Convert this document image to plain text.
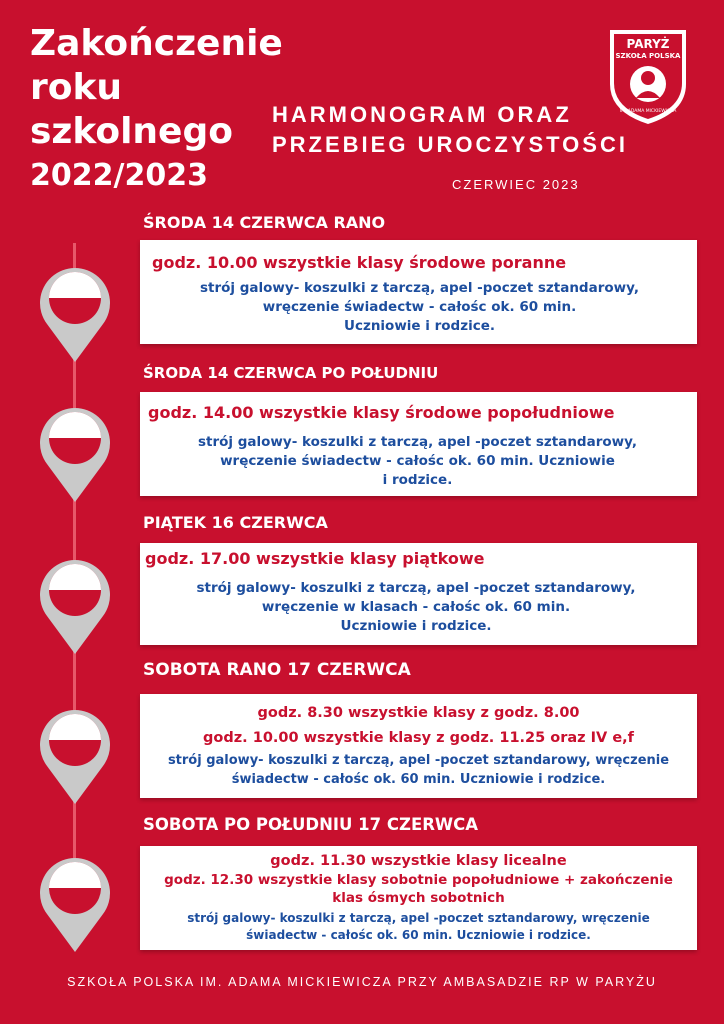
Zakończenie
roku
szkolnego
2022/2023
HARMONOGRAM ORAZ
PRZEBIEG UROCZYSTOŚCI
CZERWIEC 2023
PARYŻ
SZKOŁA POLSKA
IM. ADAMA MICKIEWICZA
ŚRODA 14 CZERWCA RANO

godz. 10.00 wszystkie klasy środowe poranne

strój galowy- koszulki z tarczą, apel -poczet sztandarowy,

wręczenie świadectw - całośc ok. 60 min.

Uczniowie i rodzice.

ŚRODA 14 CZERWCA PO POŁUDNIU

godz. 14.00 wszystkie klasy środowe popołudniowe

strój galowy- koszulki z tarczą, apel -poczet sztandarowy,

wręczenie świadectw - całośc ok. 60 min. Uczniowie

i rodzice.

PIĄTEK 16 CZERWCA

godz. 17.00 wszystkie klasy piątkowe

strój galowy- koszulki z tarczą, apel -poczet sztandarowy,

wręczenie w klasach - całośc ok. 60 min.

Uczniowie i rodzice.

SOBOTA RANO 17 CZERWCA

godz. 8.30 wszystkie klasy z godz. 8.00

godz. 10.00 wszystkie klasy z godz. 11.25 oraz IV e,f

strój galowy- koszulki z tarczą, apel -poczet sztandarowy, wręczenie

świadectw - całośc ok. 60 min. Uczniowie i rodzice.

SOBOTA PO POŁUDNIU 17 CZERWCA

godz. 11.30 wszystkie klasy licealne

godz. 12.30 wszystkie klasy sobotnie popołudniowe + zakończenie

klas ósmych sobotnich

strój galowy- koszulki z tarczą, apel -poczet sztandarowy, wręczenie

świadectw - całośc ok. 60 min. Uczniowie i rodzice.

SZKOŁA POLSKA IM. ADAMA MICKIEWICZA PRZY AMBASADZIE RP W PARYŻU
